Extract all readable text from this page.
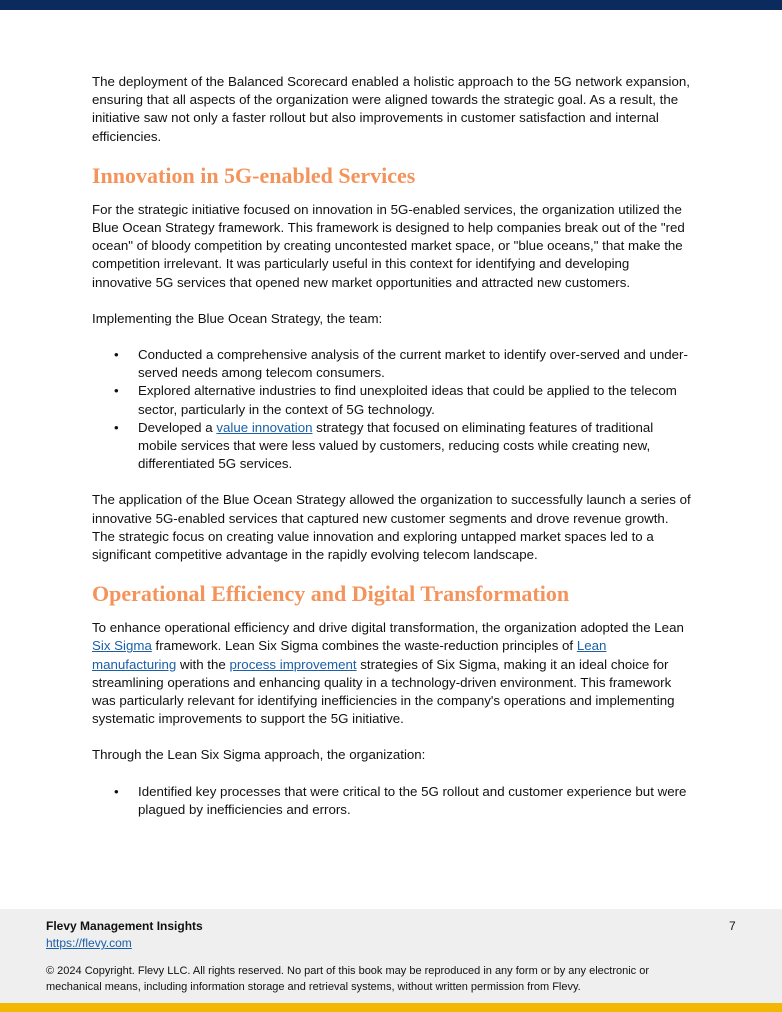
The deployment of the Balanced Scorecard enabled a holistic approach to the 5G network expansion, ensuring that all aspects of the organization were aligned towards the strategic goal. As a result, the initiative saw not only a faster rollout but also improvements in customer satisfaction and internal efficiencies.

Innovation in 5G-enabled Services

For the strategic initiative focused on innovation in 5G-enabled services, the organization utilized the Blue Ocean Strategy framework. This framework is designed to help companies break out of the "red ocean" of bloody competition by creating uncontested market space, or "blue oceans," that make the competition irrelevant. It was particularly useful in this context for identifying and developing innovative 5G services that opened new market opportunities and attracted new customers.

Implementing the Blue Ocean Strategy, the team:

• Conducted a comprehensive analysis of the current market to identify over-served and under-served needs among telecom consumers.
• Explored alternative industries to find unexploited ideas that could be applied to the telecom sector, particularly in the context of 5G technology.
• Developed a value innovation strategy that focused on eliminating features of traditional mobile services that were less valued by customers, reducing costs while creating new, differentiated 5G services.

The application of the Blue Ocean Strategy allowed the organization to successfully launch a series of innovative 5G-enabled services that captured new customer segments and drove revenue growth. The strategic focus on creating value innovation and exploring untapped market spaces led to a significant competitive advantage in the rapidly evolving telecom landscape.

Operational Efficiency and Digital Transformation

To enhance operational efficiency and drive digital transformation, the organization adopted the Lean Six Sigma framework. Lean Six Sigma combines the waste-reduction principles of Lean manufacturing with the process improvement strategies of Six Sigma, making it an ideal choice for streamlining operations and enhancing quality in a technology-driven environment. This framework was particularly relevant for identifying inefficiencies in the company's operations and implementing systematic improvements to support the 5G initiative.

Through the Lean Six Sigma approach, the organization:

• Identified key processes that were critical to the 5G rollout and customer experience but were plagued by inefficiencies and errors.
Flevy Management Insights
https://flevy.com
7
© 2024 Copyright. Flevy LLC. All rights reserved. No part of this book may be reproduced in any form or by any electronic or mechanical means, including information storage and retrieval systems, without written permission from Flevy.
